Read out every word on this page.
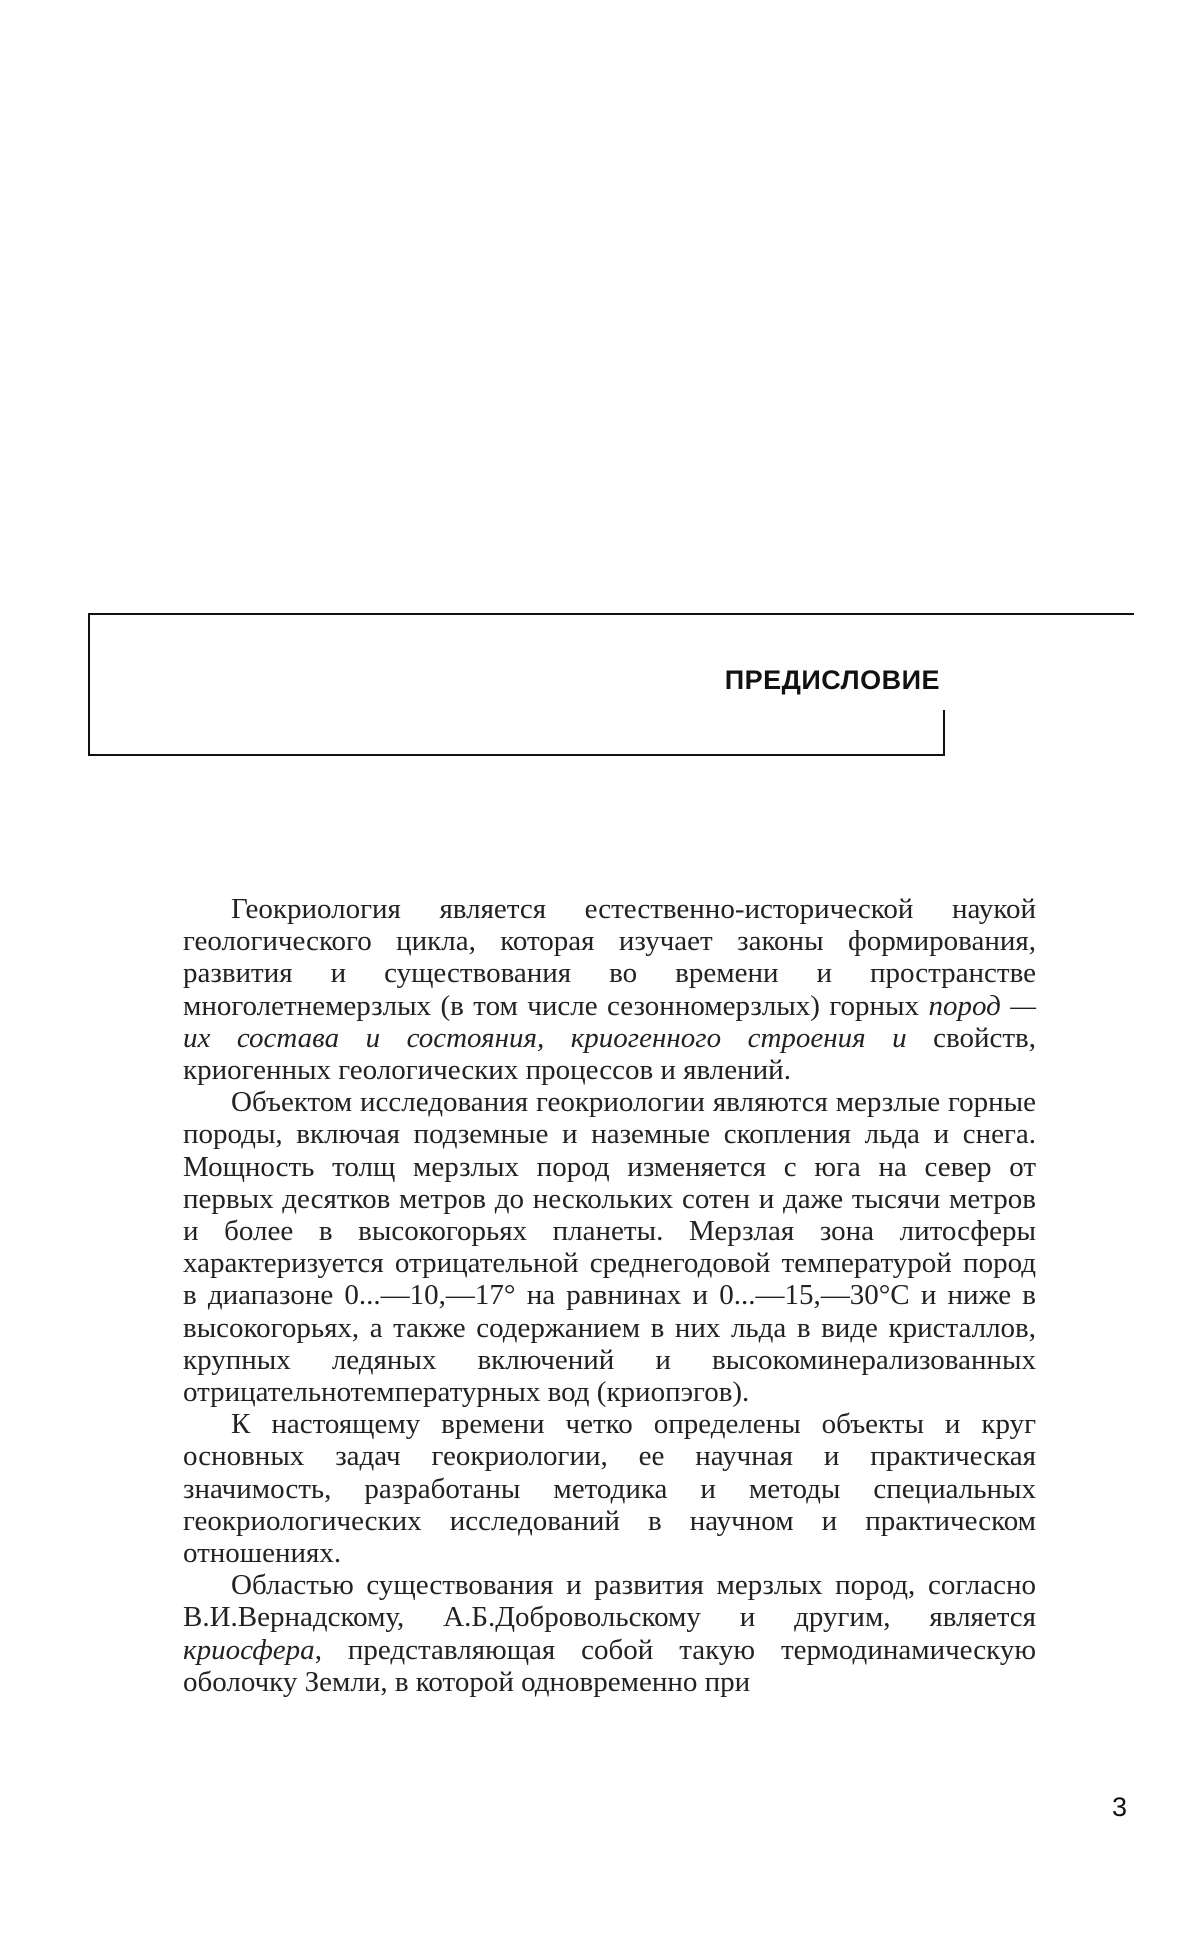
ПРЕДИСЛОВИЕ

Геокриология является естественно-исторической наукой геологического цикла, которая изучает законы формирования, развития и существования во времени и пространстве многолетнемерзлых (в том числе сезонномерзлых) горных пород — их состава и состояния, криогенного строения и свойств, криогенных геологических процессов и явлений.

Объектом исследования геокриологии являются мерзлые горные породы, включая подземные и наземные скопления льда и снега. Мощность толщ мерзлых пород изменяется с юга на север от первых десятков метров до нескольких сотен и даже тысячи метров и более в высокогорьях планеты. Мерзлая зона литосферы характеризуется отрицательной среднегодовой температурой пород в диапазоне 0...—10,—17° на равнинах и 0...—15,—30°С и ниже в высокогорьях, а также содержанием в них льда в виде кристаллов, крупных ледяных включений и высокоминерализованных отрицательнотемпературных вод (криопэгов).

К настоящему времени четко определены объекты и круг основных задач геокриологии, ее научная и практическая значимость, разработаны методика и методы специальных геокриологических исследований в научном и практическом отношениях.

Областью существования и развития мерзлых пород, согласно В.И.Вернадскому, А.Б.Добровольскому и другим, является криосфера, представляющая собой такую термодинамическую оболочку Земли, в которой одновременно при

3
